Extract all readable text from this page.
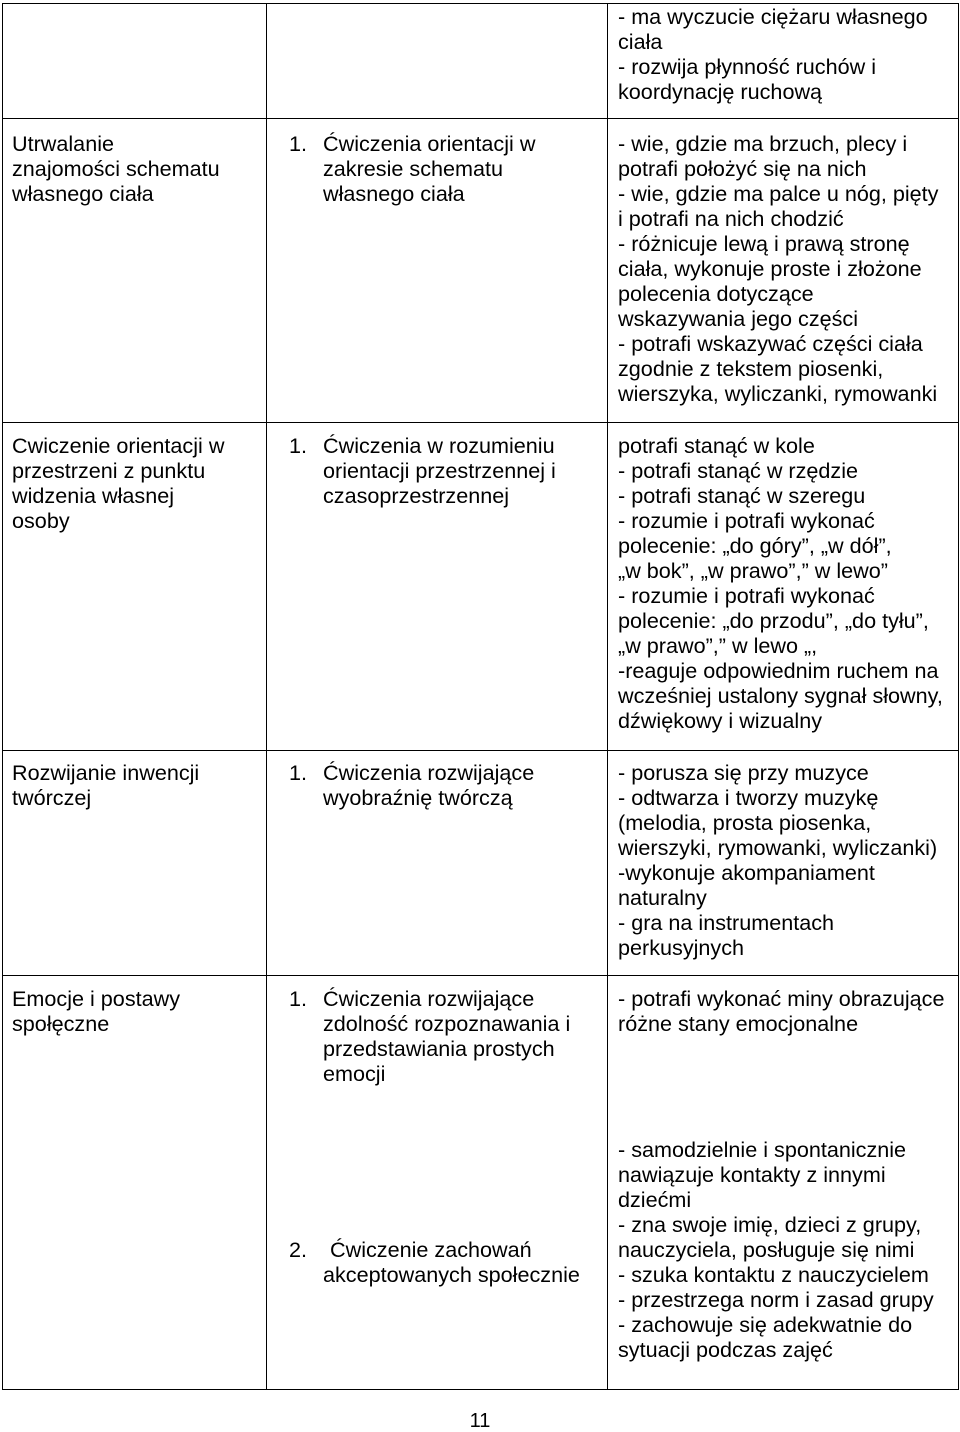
- ma wyczucie ciężaru własnego
ciała
- rozwija płynność ruchów i
koordynację ruchową
Utrwalanie
znajomości schematu
własnego ciała
1. Ćwiczenia orientacji w
zakresie schematu
własnego ciała
- wie, gdzie ma brzuch, plecy i
potrafi położyć się na nich
- wie, gdzie ma palce u nóg, pięty
i potrafi na nich chodzić
- różnicuje lewą i prawą stronę
ciała, wykonuje proste i złożone
polecenia dotyczące
wskazywania jego części
- potrafi wskazywać części ciała
zgodnie z tekstem piosenki,
wierszyka, wyliczanki, rymowanki
Cwiczenie orientacji w
przestrzeni z punktu
widzenia własnej
osoby
1. Ćwiczenia w rozumieniu
orientacji przestrzennej i
czasoprzestrzennej
potrafi stanąć w kole
- potrafi stanąć w rzędzie
- potrafi stanąć w szeregu
- rozumie i potrafi wykonać
polecenie: „do góry”, „w dół”,
„w bok”, „w prawo”,” w lewo”
- rozumie i potrafi wykonać
polecenie: „do przodu”, „do tyłu”,
„w prawo”,” w lewo „,
-reaguje odpowiednim ruchem na
wcześniej ustalony sygnał słowny,
dźwiękowy i wizualny
Rozwijanie inwencji
twórczej
1. Ćwiczenia rozwijające
wyobraźnię twórczą
- porusza się przy muzyce
- odtwarza i tworzy muzykę
(melodia, prosta piosenka,
wierszyki, rymowanki, wyliczanki)
-wykonuje akompaniament
naturalny
- gra na instrumentach
perkusyjnych
Emocje i postawy
społęczne
1. Ćwiczenia rozwijające
zdolność rozpoznawania i
przedstawiania prostych
emocji
2.	Ćwiczenie zachowań
akceptowanych społecznie
- potrafi wykonać miny obrazujące
różne stany emocjonalne
- samodzielnie i spontanicznie
nawiązuje kontakty z innymi
dziećmi
- zna swoje imię, dzieci z grupy,
nauczyciela, posługuje się nimi
- szuka kontaktu z nauczycielem
- przestrzega norm i zasad grupy
- zachowuje się adekwatnie do
sytuacji podczas zajęć
11
